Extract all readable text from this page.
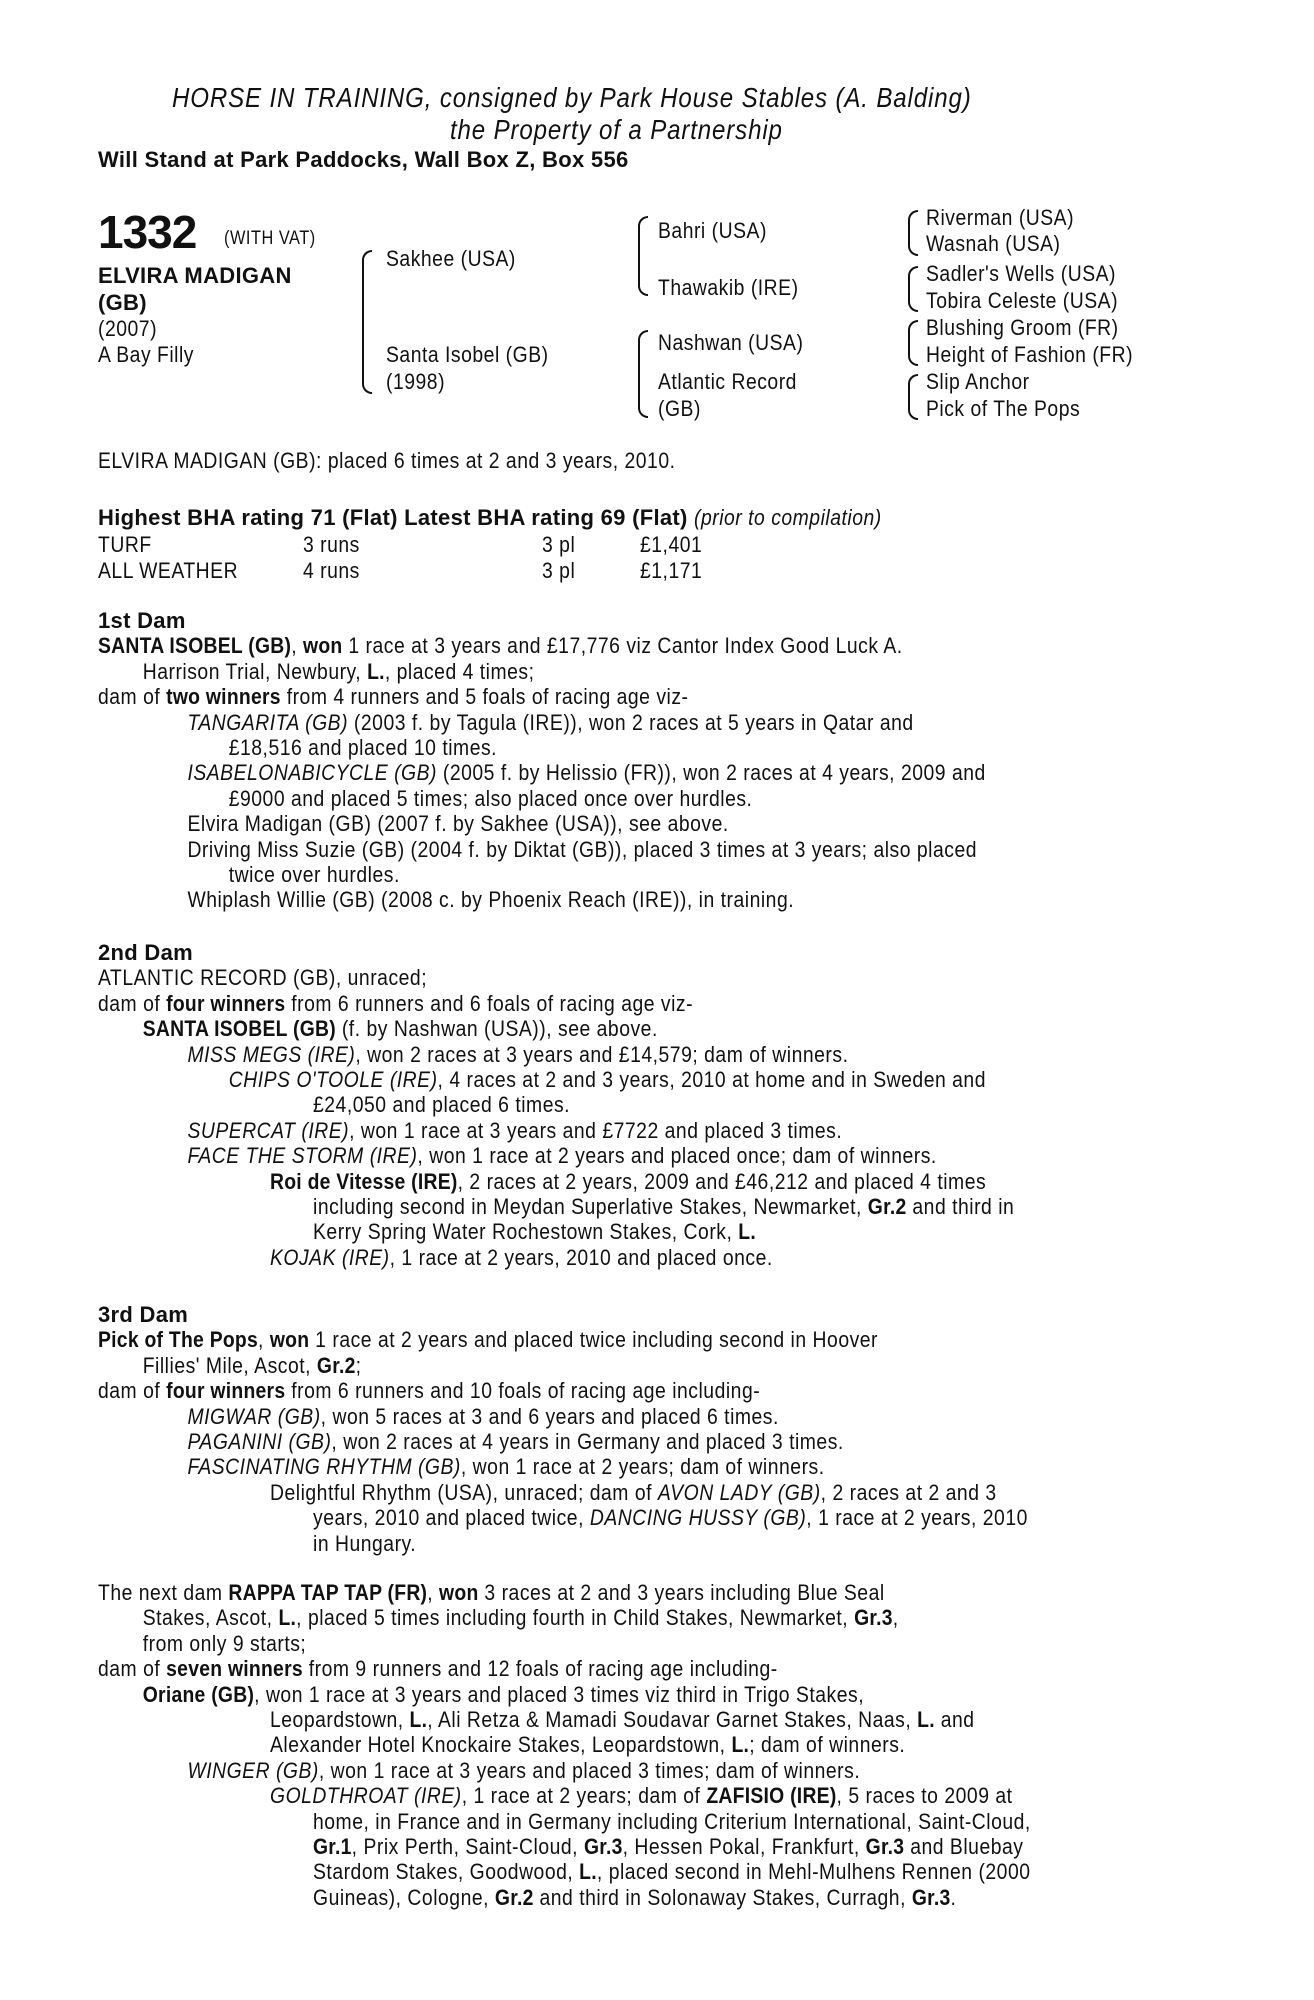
HORSE IN TRAINING, consigned by Park House Stables (A. Balding)
the Property of a Partnership
Will Stand at Park Paddocks, Wall Box Z, Box 556
1332 (WITH VAT)
ELVIRA MADIGAN
(GB)
(2007)
A Bay Filly
Sakhee (USA)
Santa Isobel (GB)
(1998)
Bahri (USA)
Thawakib (IRE)
Nashwan (USA)
Atlantic Record
(GB)
Riverman (USA)
Wasnah (USA)
Sadler's Wells (USA)
Tobira Celeste (USA)
Blushing Groom (FR)
Height of Fashion (FR)
Slip Anchor
Pick of The Pops
ELVIRA MADIGAN (GB): placed 6 times at 2 and 3 years, 2010.
Highest BHA rating 71 (Flat) Latest BHA rating 69 (Flat) (prior to compilation)
TURF	3 runs	3 pl	£1,401
ALL WEATHER	4 runs	3 pl	£1,171
1st Dam
SANTA ISOBEL (GB), won 1 race at 3 years and £17,776 viz Cantor Index Good Luck A.
Harrison Trial, Newbury, L., placed 4 times;
dam of two winners from 4 runners and 5 foals of racing age viz-
TANGARITA (GB) (2003 f. by Tagula (IRE)), won 2 races at 5 years in Qatar and
£18,516 and placed 10 times.
ISABELONABICYCLE (GB) (2005 f. by Helissio (FR)), won 2 races at 4 years, 2009 and
£9000 and placed 5 times; also placed once over hurdles.
Elvira Madigan (GB) (2007 f. by Sakhee (USA)), see above.
Driving Miss Suzie (GB) (2004 f. by Diktat (GB)), placed 3 times at 3 years; also placed
twice over hurdles.
Whiplash Willie (GB) (2008 c. by Phoenix Reach (IRE)), in training.
2nd Dam
ATLANTIC RECORD (GB), unraced;
dam of four winners from 6 runners and 6 foals of racing age viz-
SANTA ISOBEL (GB) (f. by Nashwan (USA)), see above.
MISS MEGS (IRE), won 2 races at 3 years and £14,579; dam of winners.
CHIPS O'TOOLE (IRE), 4 races at 2 and 3 years, 2010 at home and in Sweden and
£24,050 and placed 6 times.
SUPERCAT (IRE), won 1 race at 3 years and £7722 and placed 3 times.
FACE THE STORM (IRE), won 1 race at 2 years and placed once; dam of winners.
Roi de Vitesse (IRE), 2 races at 2 years, 2009 and £46,212 and placed 4 times
including second in Meydan Superlative Stakes, Newmarket, Gr.2 and third in
Kerry Spring Water Rochestown Stakes, Cork, L.
KOJAK (IRE), 1 race at 2 years, 2010 and placed once.
3rd Dam
Pick of The Pops, won 1 race at 2 years and placed twice including second in Hoover
Fillies' Mile, Ascot, Gr.2;
dam of four winners from 6 runners and 10 foals of racing age including-
MIGWAR (GB), won 5 races at 3 and 6 years and placed 6 times.
PAGANINI (GB), won 2 races at 4 years in Germany and placed 3 times.
FASCINATING RHYTHM (GB), won 1 race at 2 years; dam of winners.
Delightful Rhythm (USA), unraced; dam of AVON LADY (GB), 2 races at 2 and 3
years, 2010 and placed twice, DANCING HUSSY (GB), 1 race at 2 years, 2010
in Hungary.
The next dam RAPPA TAP TAP (FR), won 3 races at 2 and 3 years including Blue Seal
Stakes, Ascot, L., placed 5 times including fourth in Child Stakes, Newmarket, Gr.3,
from only 9 starts;
dam of seven winners from 9 runners and 12 foals of racing age including-
Oriane (GB), won 1 race at 3 years and placed 3 times viz third in Trigo Stakes,
Leopardstown, L., Ali Retza & Mamadi Soudavar Garnet Stakes, Naas, L. and
Alexander Hotel Knockaire Stakes, Leopardstown, L.; dam of winners.
WINGER (GB), won 1 race at 3 years and placed 3 times; dam of winners.
GOLDTHROAT (IRE), 1 race at 2 years; dam of ZAFISIO (IRE), 5 races to 2009 at
home, in France and in Germany including Criterium International, Saint-Cloud,
Gr.1, Prix Perth, Saint-Cloud, Gr.3, Hessen Pokal, Frankfurt, Gr.3 and Bluebay
Stardom Stakes, Goodwood, L., placed second in Mehl-Mulhens Rennen (2000
Guineas), Cologne, Gr.2 and third in Solonaway Stakes, Curragh, Gr.3.
